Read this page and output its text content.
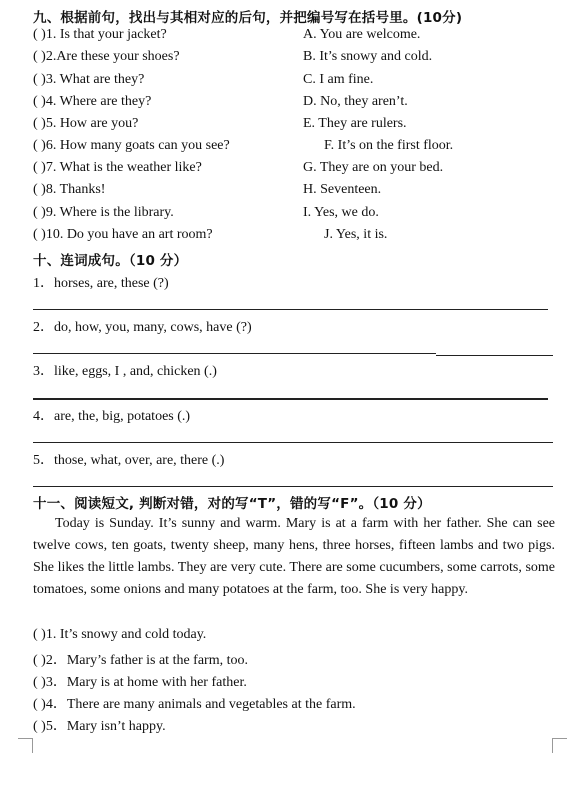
九、根据前句，找出与其相对应的后句，并把编号写在括号里。(10分)
( )1. Is that your jacket?	A. You are welcome.
( )2.Are these your shoes?	B. It’s snowy and cold.
( )3. What are they?	C. I am fine.
( )4. Where are they?	D. No, they aren’t.
( )5. How are you?	E. They are rulers.
( )6. How many goats can you see?	F. It’s on the first floor.
( )7. What is the weather like?	G. They are on your bed.
( )8. Thanks!	H. Seventeen.
( )9. Where is the library.	I. Yes, we do.
( )10. Do you have an art room?	J. Yes, it is.
十、连词成句。（10 分）
1．horses, are, these (?)
2．do, how, you, many, cows, have (?)
3．like, eggs, I , and, chicken (.)
4．are, the, big, potatoes (.)
5．those, what, over, are, there (.)
十一、阅读短文, 判断对错，对的写“T”，错的写“F”。（10 分）
Today is Sunday. It’s sunny and warm. Mary is at a farm with her father. She can see twelve cows, ten goats, twenty sheep, many hens, three horses, fifteen lambs and two pigs. She likes the little lambs. They are very cute. There are some cucumbers, some carrots, some tomatoes, some onions and many potatoes at the farm, too. She is very happy.
( )1. It’s snowy and cold today.
( )2．Mary’s father is at the farm, too.
( )3．Mary is at home with her father.
( )4．There are many animals and vegetables at the farm.
( )5．Mary isn’t happy.
